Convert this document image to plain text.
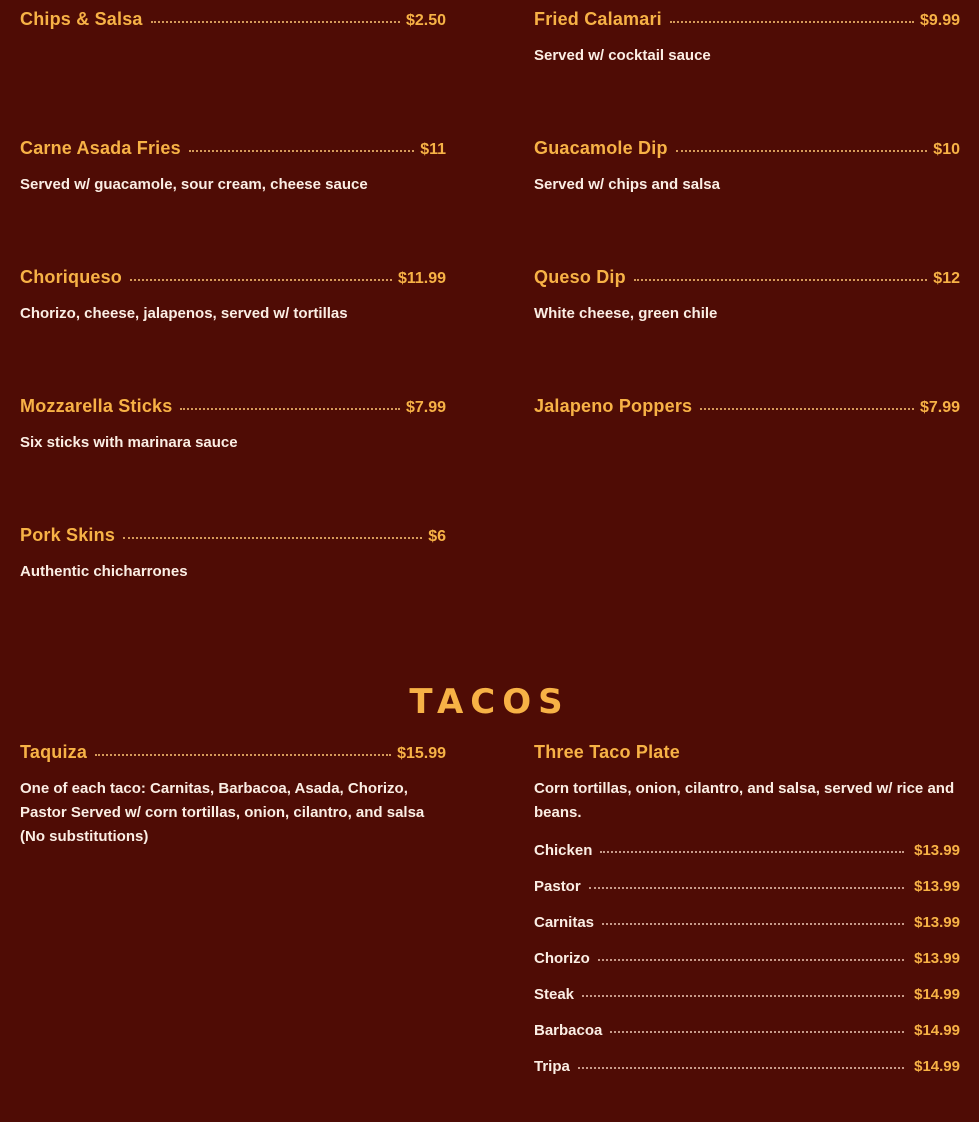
Chips & Salsa	$2.50
Carne Asada Fries	$11
Served w/ guacamole, sour cream, cheese sauce
Choriqueso	$11.99
Chorizo, cheese, jalapenos, served w/ tortillas
Mozzarella Sticks	$7.99
Six sticks with marinara sauce
Pork Skins	$6
Authentic chicharrones
Fried Calamari	$9.99
Served w/ cocktail sauce
Guacamole Dip	$10
Served w/ chips and salsa
Queso Dip	$12
White cheese, green chile
Jalapeno Poppers	$7.99
TACOS
Taquiza	$15.99
One of each taco: Carnitas, Barbacoa, Asada, Chorizo, Pastor Served w/ corn tortillas, onion, cilantro, and salsa (No substitutions)
Three Taco Plate
Corn tortillas, onion, cilantro, and salsa, served w/ rice and beans.
Chicken	$13.99
Pastor	$13.99
Carnitas	$13.99
Chorizo	$13.99
Steak	$14.99
Barbacoa	$14.99
Tripa	$14.99
